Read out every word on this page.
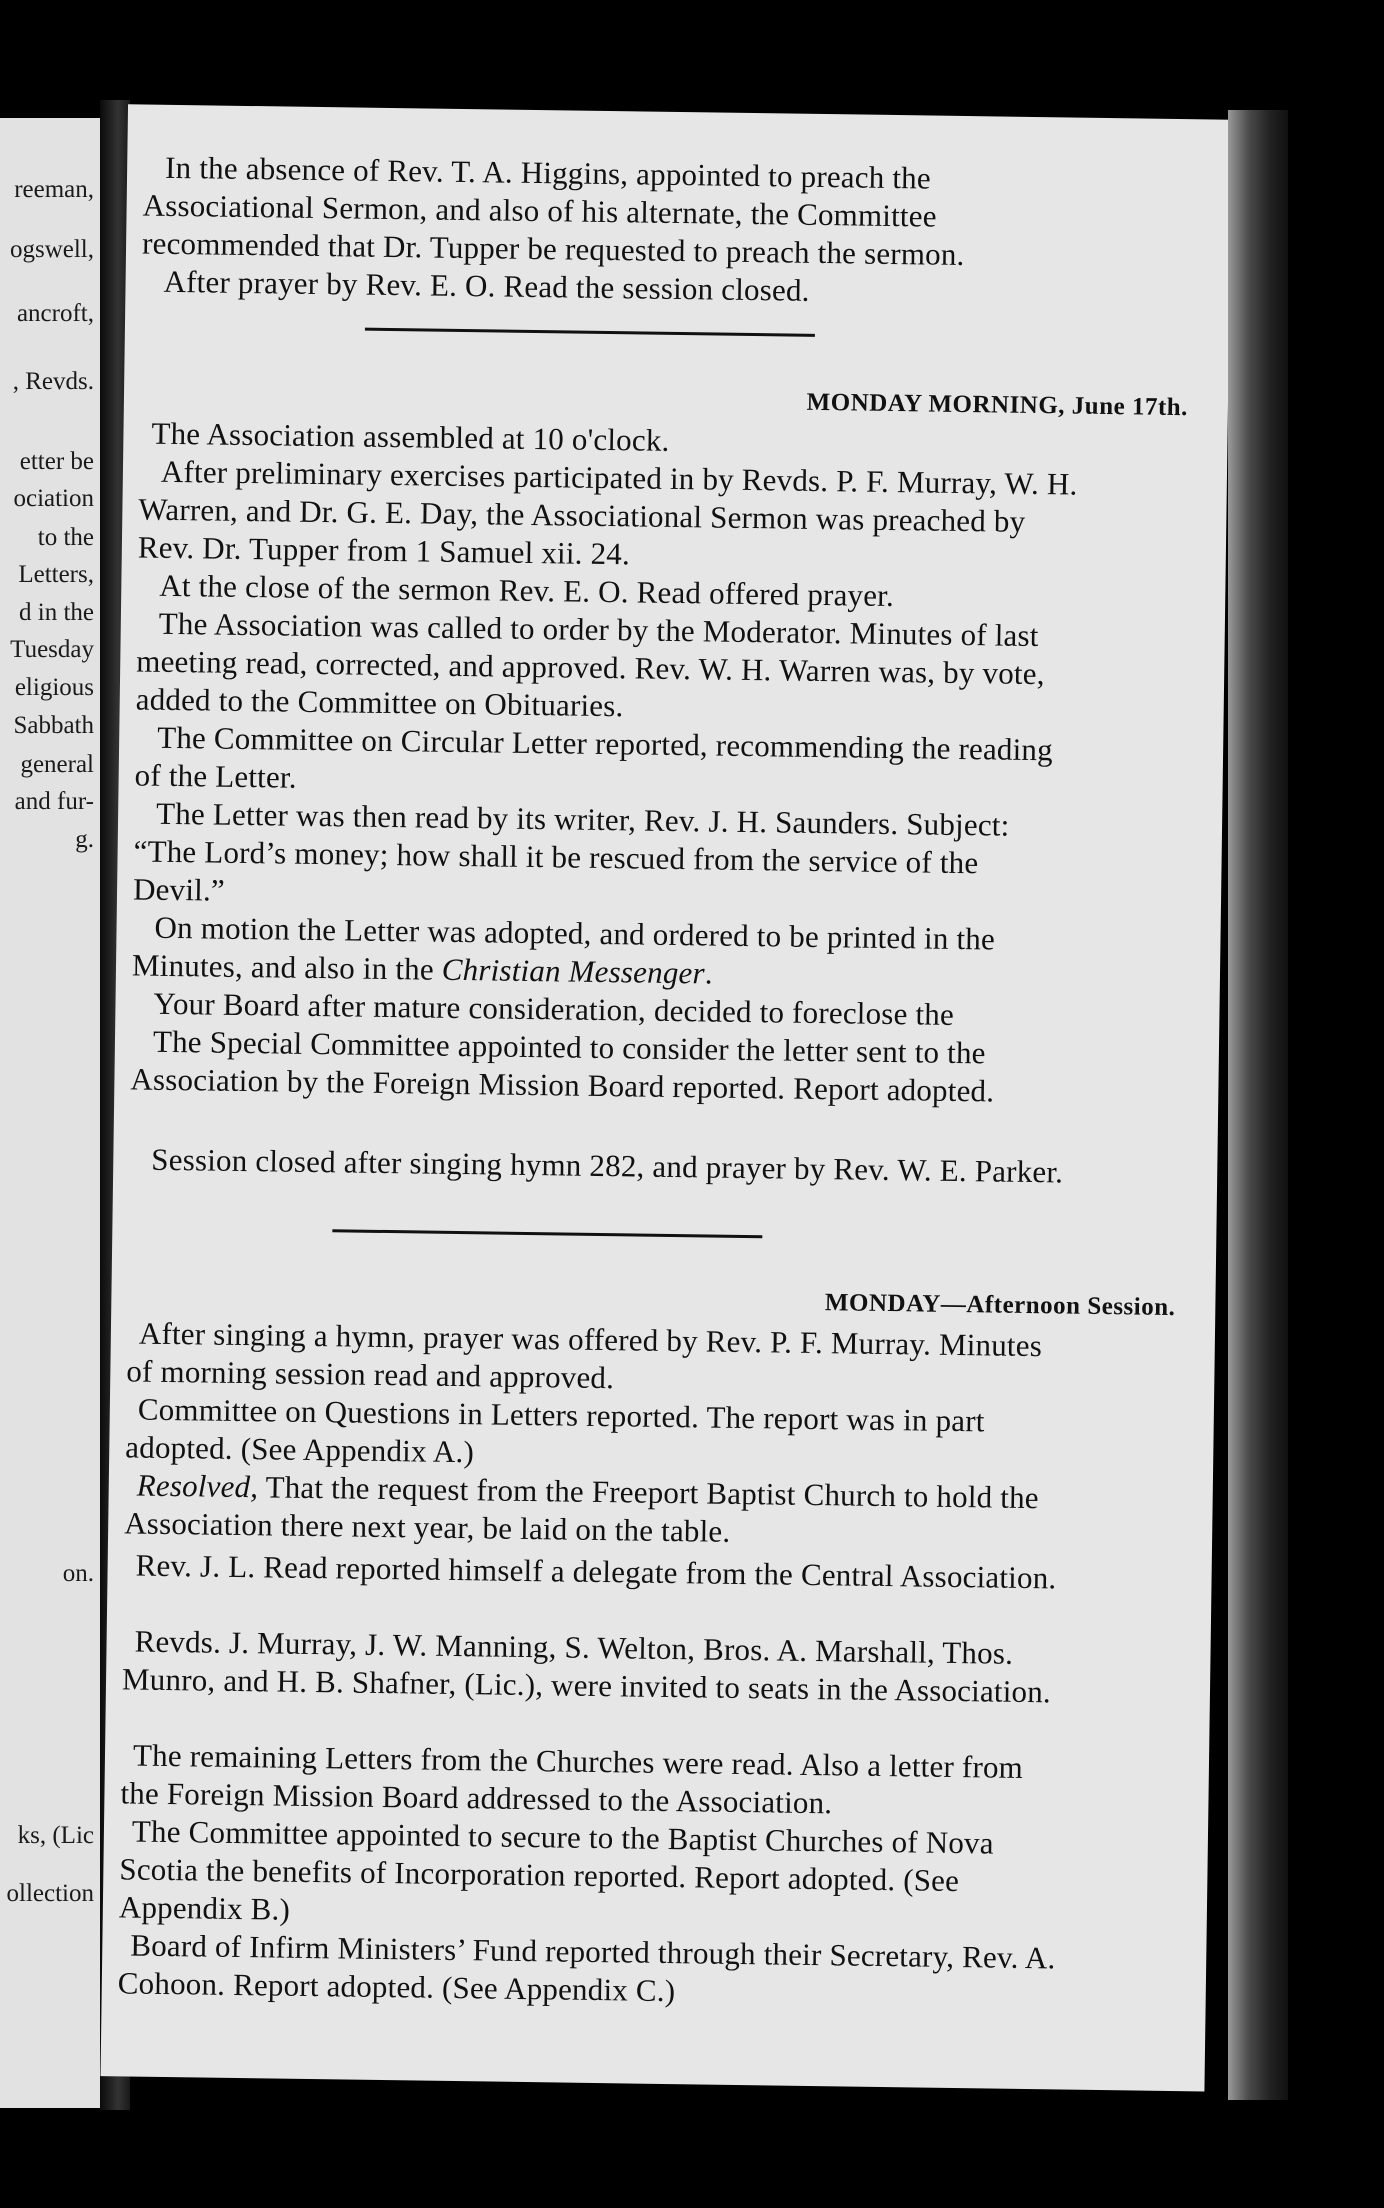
reeman,
ogswell,
ancroft,
, Revds.
etter be
ociation
to the
Letters,
d in the
Tuesday
eligious
Sabbath
general
and fur-
g.
on.
ks, (Lic
ollection

In the absence of Rev. T. A. Higgins, appointed to preach the Associational Sermon, and also of his alternate, the Committee recommended that Dr. Tupper be requested to preach the sermon.

After prayer by Rev. E. O. Read the session closed.

MONDAY MORNING, June 17th.

The Association assembled at 10 o'clock.

After preliminary exercises participated in by Revds. P. F. Murray, W. H. Warren, and Dr. G. E. Day, the Associational Sermon was preached by Rev. Dr. Tupper from 1 Samuel xii. 24.

At the close of the sermon Rev. E. O. Read offered prayer.

The Association was called to order by the Moderator. Minutes of last meeting read, corrected, and approved. Rev. W. H. Warren was, by vote, added to the Committee on Obituaries.

The Committee on Circular Letter reported, recommending the reading of the Letter.

The Letter was then read by its writer, Rev. J. H. Saunders. Subject: “The Lord’s money; how shall it be rescued from the service of the Devil.”

On motion the Letter was adopted, and ordered to be printed in the Minutes, and also in the Christian Messenger.

Your Board after mature consideration, decided to foreclose the

The Special Committee appointed to consider the letter sent to the Association by the Foreign Mission Board reported. Report adopted.

Session closed after singing hymn 282, and prayer by Rev. W. E. Parker.

MONDAY—Afternoon Session.

After singing a hymn, prayer was offered by Rev. P. F. Murray. Minutes of morning session read and approved.

Committee on Questions in Letters reported. The report was in part adopted. (See Appendix A.)

Resolved, That the request from the Freeport Baptist Church to hold the Association there next year, be laid on the table.

Rev. J. L. Read reported himself a delegate from the Central Association.

Revds. J. Murray, J. W. Manning, S. Welton, Bros. A. Marshall, Thos. Munro, and H. B. Shafner, (Lic.), were invited to seats in the Association.

The remaining Letters from the Churches were read. Also a letter from the Foreign Mission Board addressed to the Association.

The Committee appointed to secure to the Baptist Churches of Nova Scotia the benefits of Incorporation reported. Report adopted. (See Appendix B.)

Board of Infirm Ministers’ Fund reported through their Secretary, Rev. A. Cohoon. Report adopted. (See Appendix C.)
